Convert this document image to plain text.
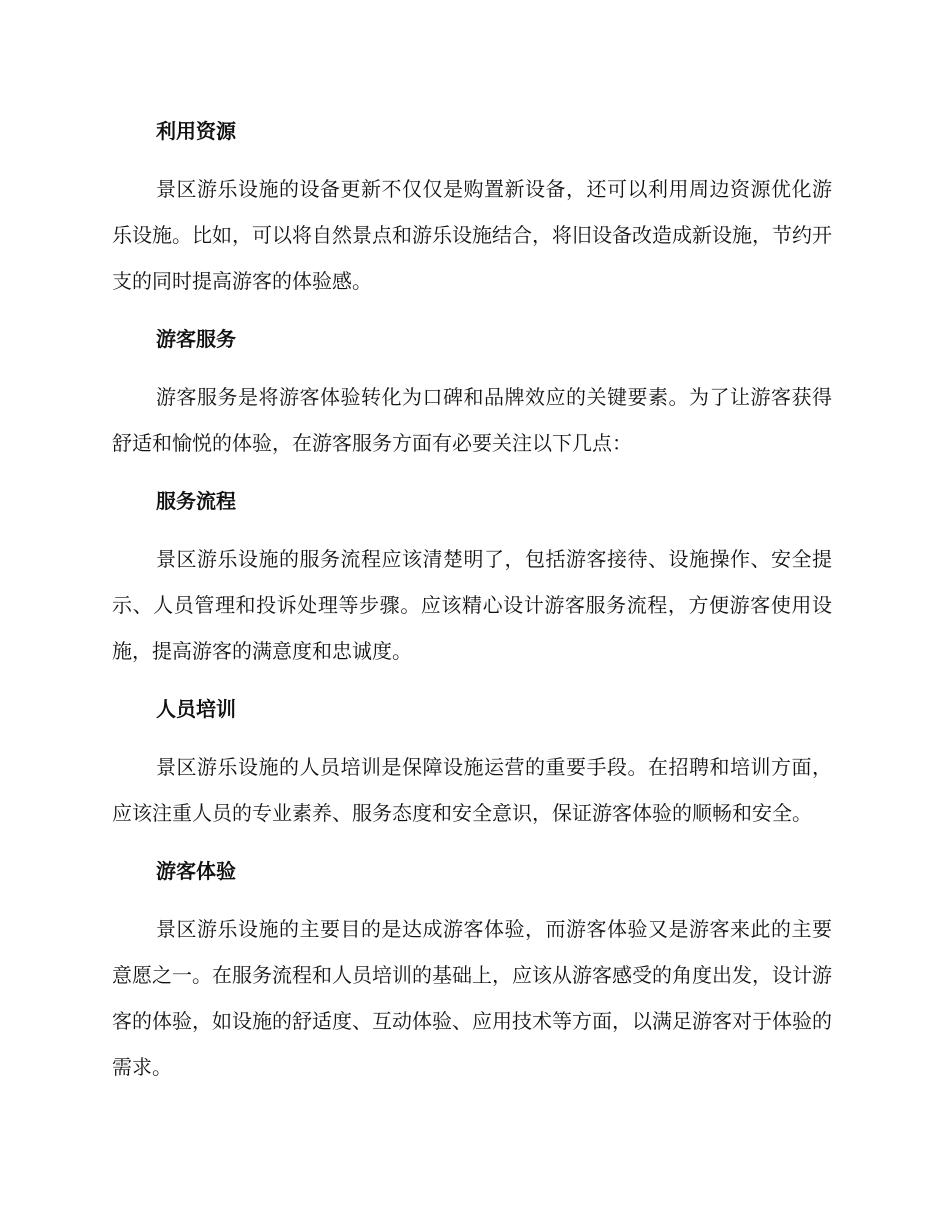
利用资源

景区游乐设施的设备更新不仅仅是购置新设备，还可以利用周边资源优化游乐设施。比如，可以将自然景点和游乐设施结合，将旧设备改造成新设施，节约开支的同时提高游客的体验感。

游客服务

游客服务是将游客体验转化为口碑和品牌效应的关键要素。为了让游客获得舒适和愉悦的体验，在游客服务方面有必要关注以下几点：

服务流程

景区游乐设施的服务流程应该清楚明了，包括游客接待、设施操作、安全提示、人员管理和投诉处理等步骤。应该精心设计游客服务流程，方便游客使用设施，提高游客的满意度和忠诚度。

人员培训

景区游乐设施的人员培训是保障设施运营的重要手段。在招聘和培训方面，应该注重人员的专业素养、服务态度和安全意识，保证游客体验的顺畅和安全。

游客体验

景区游乐设施的主要目的是达成游客体验，而游客体验又是游客来此的主要意愿之一。在服务流程和人员培训的基础上，应该从游客感受的角度出发，设计游客的体验，如设施的舒适度、互动体验、应用技术等方面，以满足游客对于体验的需求。
